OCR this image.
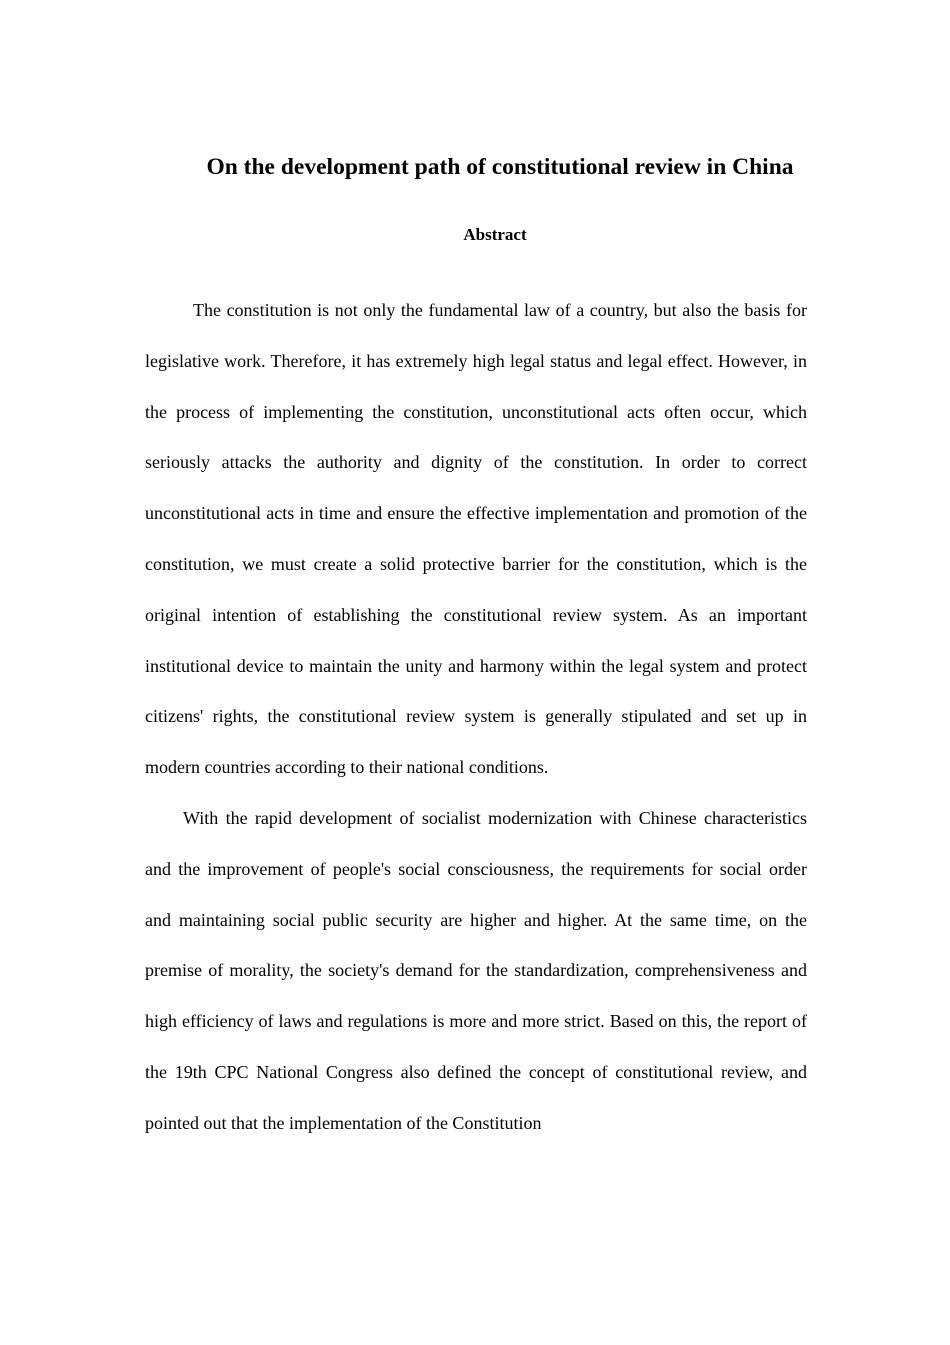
On the development path of constitutional review in China
Abstract

The constitution is not only the fundamental law of a country, but also the basis for legislative work. Therefore, it has extremely high legal status and legal effect. However, in the process of implementing the constitution, unconstitutional acts often occur, which seriously attacks the authority and dignity of the constitution. In order to correct unconstitutional acts in time and ensure the effective implementation and promotion of the constitution, we must create a solid protective barrier for the constitution, which is the original intention of establishing the constitutional review system. As an important institutional device to maintain the unity and harmony within the legal system and protect citizens' rights, the constitutional review system is generally stipulated and set up in modern countries according to their national conditions.

With the rapid development of socialist modernization with Chinese characteristics and the improvement of people's social consciousness, the requirements for social order and maintaining social public security are higher and higher. At the same time, on the premise of morality, the society's demand for the standardization, comprehensiveness and high efficiency of laws and regulations is more and more strict. Based on this, the report of the 19th CPC National Congress also defined the concept of constitutional review, and pointed out that the implementation of the Constitution
